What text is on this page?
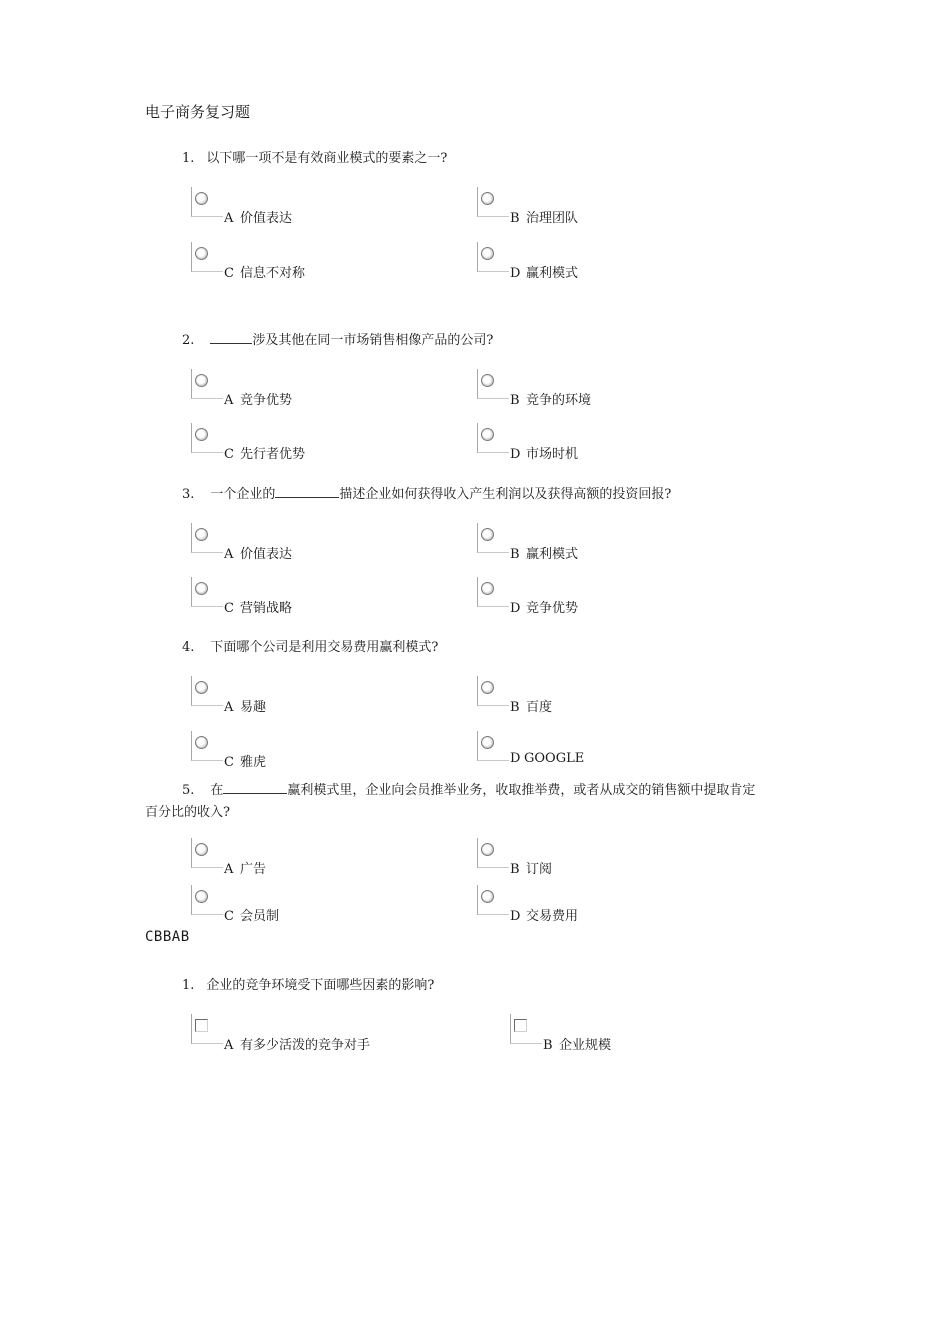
电子商务复习题
1. 以下哪一项不是有效商业模式的要素之一?
A 价值表达	B 治理团队
C 信息不对称	D 赢利模式
2.	涉及其他在同一市场销售相像产品的公司?
A 竞争优势	B 竞争的环境
C 先行者优势	D 市场时机
3. 一个企业的	描述企业如何获得收入产生利润以及获得高额的投资回报?
A 价值表达	B 赢利模式
C 营销战略	D 竞争优势
4. 下面哪个公司是利用交易费用赢利模式?
A 易趣	B 百度
C 雅虎	D GOOGLE
5. 在	赢利模式里，企业向会员推举业务，收取推举费，或者从成交的销售额中提取肯定
百分比的收入?
A 广告	B 订阅
C 会员制	D 交易费用
CBBAB
1. 企业的竞争环境受下面哪些因素的影响?
A 有多少活泼的竞争对手	B 企业规模
